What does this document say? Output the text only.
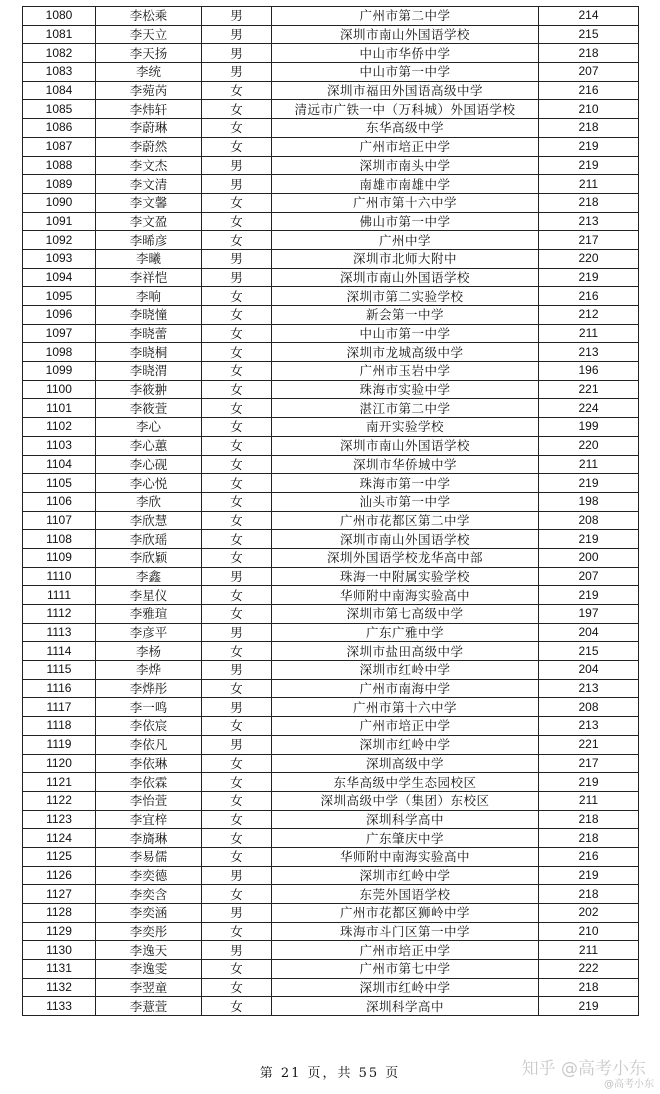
1080	李松乘	男	广州市第二中学	214
1081	李天立	男	深圳市南山外国语学校	215
1082	李天扬	男	中山市华侨中学	218
1083	李统	男	中山市第一中学	207
1084	李菀芮	女	深圳市福田外国语高级中学	216
1085	李炜轩	女	清远市广铁一中（万科城）外国语学校	210
1086	李蔚琳	女	东华高级中学	218
1087	李蔚然	女	广州市培正中学	219
1088	李文杰	男	深圳市南头中学	219
1089	李文清	男	南雄市南雄中学	211
1090	李文馨	女	广州市第十六中学	218
1091	李文盈	女	佛山市第一中学	213
1092	李晞彦	女	广州中学	217
1093	李曦	男	深圳市北师大附中	220
1094	李祥恺	男	深圳市南山外国语学校	219
1095	李响	女	深圳市第二实验学校	216
1096	李晓憧	女	新会第一中学	212
1097	李晓蕾	女	中山市第一中学	211
1098	李晓桐	女	深圳市龙城高级中学	213
1099	李晓渭	女	广州市玉岩中学	196
1100	李筱翀	女	珠海市实验中学	221
1101	李筱萱	女	湛江市第二中学	224
1102	李心	女	南开实验学校	199
1103	李心蕙	女	深圳市南山外国语学校	220
1104	李心砚	女	深圳市华侨城中学	211
1105	李心悦	女	珠海市第一中学	219
1106	李欣	女	汕头市第一中学	198
1107	李欣慧	女	广州市花都区第二中学	208
1108	李欣瑶	女	深圳市南山外国语学校	219
1109	李欣颖	女	深圳外国语学校龙华高中部	200
1110	李鑫	男	珠海一中附属实验学校	207
1111	李星仪	女	华师附中南海实验高中	219
1112	李雅瑄	女	深圳市第七高级中学	197
1113	李彦平	男	广东广雅中学	204
1114	李杨	女	深圳市盐田高级中学	215
1115	李烨	男	深圳市红岭中学	204
1116	李烨彤	女	广州市南海中学	213
1117	李一鸣	男	广州市第十六中学	208
1118	李依宸	女	广州市培正中学	213
1119	李依凡	男	深圳市红岭中学	221
1120	李依琳	女	深圳高级中学	217
1121	李依霖	女	东华高级中学生态园校区	219
1122	李怡萱	女	深圳高级中学（集团）东校区	211
1123	李宜梓	女	深圳科学高中	218
1124	李旖琳	女	广东肇庆中学	218
1125	李易儒	女	华师附中南海实验高中	216
1126	李奕德	男	深圳市红岭中学	219
1127	李奕含	女	东莞外国语学校	218
1128	李奕涵	男	广州市花都区狮岭中学	202
1129	李奕彤	女	珠海市斗门区第一中学	210
1130	李逸天	男	广州市培正中学	211
1131	李逸雯	女	广州市第七中学	222
1132	李翌童	女	深圳市红岭中学	218
1133	李薏萱	女	深圳科学高中	219
第 21 页，共 55 页	知乎 @高考小东
@高考小东
